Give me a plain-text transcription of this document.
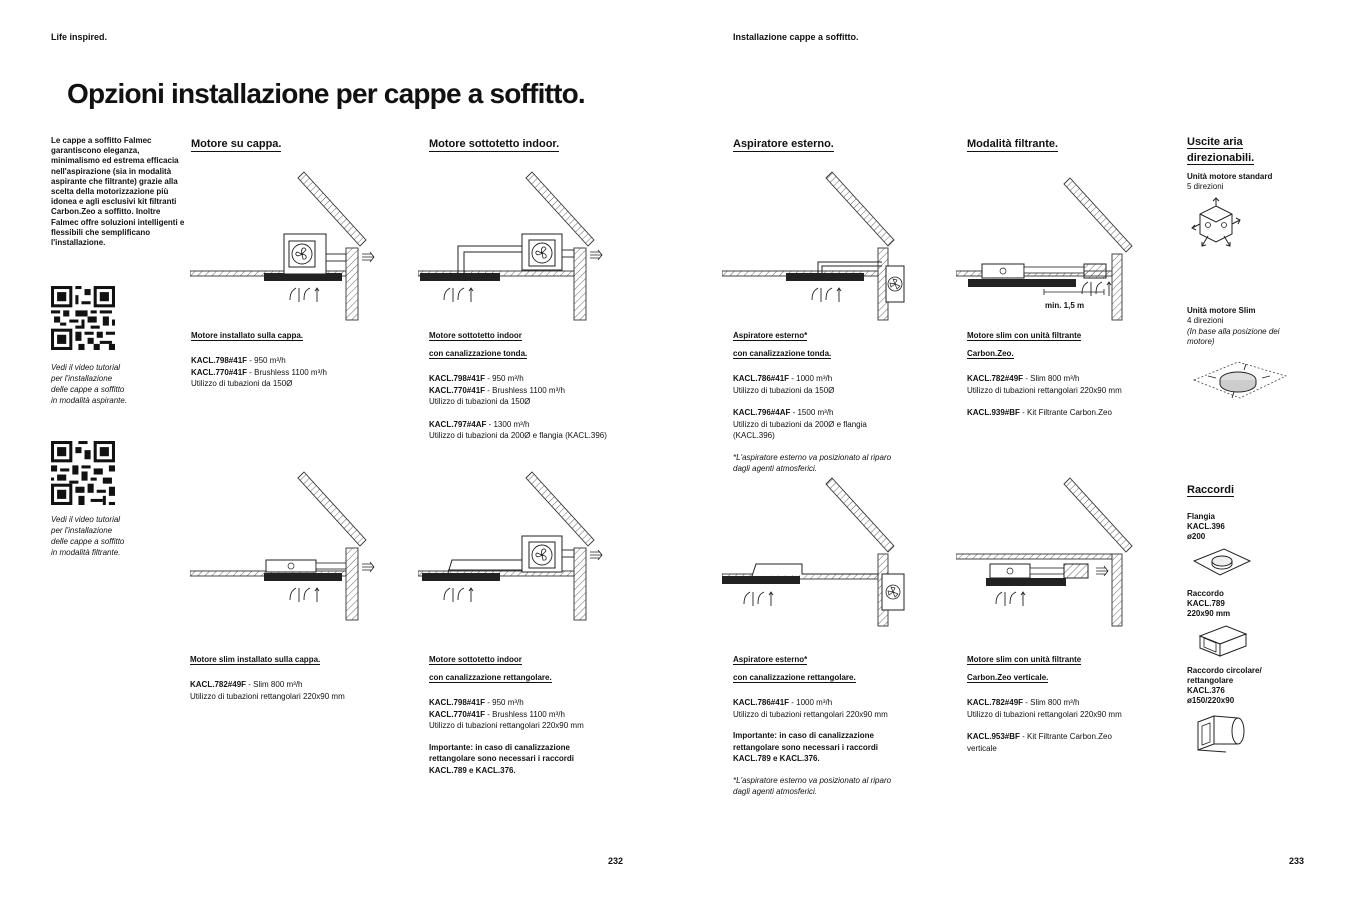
Life inspired.	Installazione cappe a soffitto.
Opzioni installazione per cappe a soffitto.

Le cappe a soffitto Falmec garantiscono eleganza, minimalismo ed estrema efficacia nell'aspirazione (sia in modalità aspirante che filtrante) grazie alla scelta della motorizzazione più idonea e agli esclusivi kit filtranti Carbon.Zeo a soffitto. Inoltre Falmec offre soluzioni intelligenti e flessibili che semplificano l'installazione.

Vedi il video tutorial
per l'installazione
delle cappe a soffitto
in modalità aspirante.

Vedi il video tutorial
per l'installazione
delle cappe a soffitto
in modalità filtrante.

Motore su cappa.	Motore sottotetto indoor.	Aspiratore esterno.	Modalità filtrante.
min. 1,5 m
Motore installato sulla cappa.
KACL.798#41F - 950 m³/h
KACL.770#41F - Brushless 1100 m³/h
Utilizzo di tubazioni da 150Ø
Motore sottotetto indoor
con canalizzazione tonda.
KACL.798#41F - 950 m³/h
KACL.770#41F - Brushless 1100 m³/h
Utilizzo di tubazioni da 150Ø
KACL.797#4AF - 1300 m³/h
Utilizzo di tubazioni da 200Ø e flangia (KACL.396)
Aspiratore esterno*
con canalizzazione tonda.
KACL.786#41F - 1000 m³/h
Utilizzo di tubazioni da 150Ø
KACL.796#4AF - 1500 m³/h
Utilizzo di tubazioni da 200Ø e flangia
(KACL.396)

*L'aspiratore esterno va posizionato al riparo
dagli agenti atmosferici.

Motore slim con unità filtrante
Carbon.Zeo.
KACL.782#49F - Slim 800 m³/h
Utilizzo di tubazioni rettangolari 220x90 mm
KACL.939#BF - Kit Filtrante Carbon.Zeo
Motore slim installato sulla cappa.
KACL.782#49F - Slim 800 m³/h
Utilizzo di tubazioni rettangolari 220x90 mm
Motore sottotetto indoor
con canalizzazione rettangolare.
KACL.798#41F - 950 m³/h
KACL.770#41F - Brushless 1100 m³/h
Utilizzo di tubazioni rettangolari 220x90 mm

Importante: in caso di canalizzazione
rettangolare sono necessari i raccordi
KACL.789 e KACL.376.

Aspiratore esterno*
con canalizzazione rettangolare.
KACL.786#41F - 1000 m³/h
Utilizzo di tubazioni rettangolari 220x90 mm

Importante: in caso di canalizzazione
rettangolare sono necessari i raccordi
KACL.789 e KACL.376.

*L'aspiratore esterno va posizionato al riparo
dagli agenti atmosferici.

Motore slim con unità filtrante
Carbon.Zeo verticale.
KACL.782#49F - Slim 800 m³/h
Utilizzo di tubazioni rettangolari 220x90 mm
KACL.953#BF - Kit Filtrante Carbon.Zeo
verticale

Uscite aria
direzionabili.

Unità motore standard

5 direzioni

Unità motore Slim

4 direzioni

(In base alla posizione dei
motore)

Raccordi

Flangia
KACL.396
ø200

Raccordo
KACL.789
220x90 mm

Raccordo circolare/
rettangolare
KACL.376
ø150/220x90

232	233
